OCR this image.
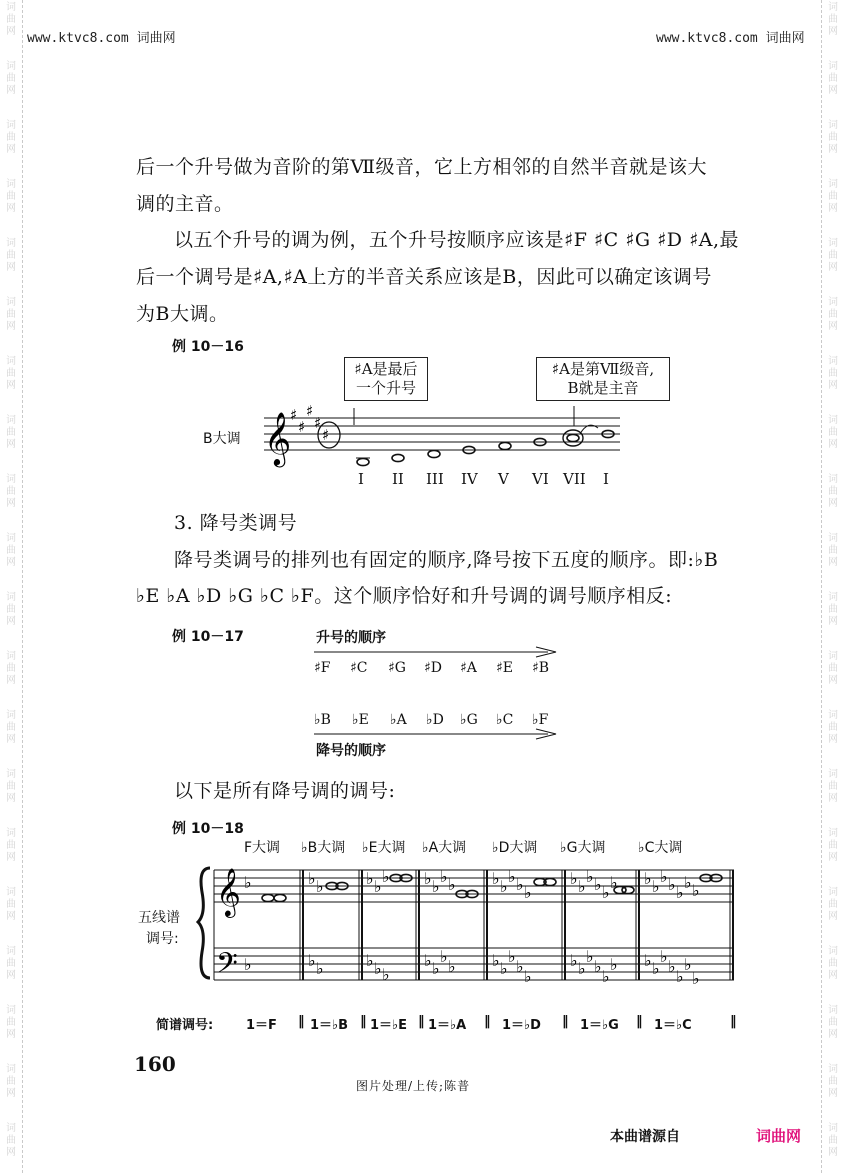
词
曲
网
词
曲
网
词
曲
网
词
曲
网
词
曲
网
词
曲
网
词
曲
网
词
曲
网
词
曲
网
词
曲
网
词
曲
网
词
曲
网
词
曲
网
词
曲
网
词
曲
网
词
曲
网
词
曲
网
词
曲
网
词
曲
网
词
曲
网
词
曲
网
词
曲
网
词
曲
网
词
曲
网
词
曲
网
词
曲
网
词
曲
网
词
曲
网
词
曲
网
词
曲
网
词
曲
网
词
曲
网
词
曲
网
词
曲
网
词
曲
网
词
曲
网
词
曲
网
词
曲
网
词
曲
网
词
曲
网
www.ktvc8.com 词曲网	www.ktvc8.com 词曲网
后一个升号做为音阶的第Ⅶ级音，它上方相邻的自然半音就是该大
调的主音。
以五个升号的调为例，五个升号按顺序应该是♯F ♯C ♯G ♯D ♯A,最
后一个调号是♯A,♯A上方的半音关系应该是B，因此可以确定该调号
为B大调。
例 10－16
♯A是最后
一个升号
♯A是第Ⅶ级音,
B就是主音
B大调 𝄞
♯
♯
♯
♯
♯
I II III IV V VI VII I
3. 降号类调号
降号类调号的排列也有固定的顺序,降号按下五度的顺序。即:♭B
♭E ♭A ♭D ♭G ♭C ♭F。这个顺序恰好和升号调的调号顺序相反:
例 10－17	升号的顺序
♯F ♯C ♯G ♯D ♯A ♯E ♯B
♭B ♭E ♭A ♭D ♭G ♭C ♭F
降号的顺序
以下是所有降号调的调号:
例 10－18
F大调 ♭B大调 ♭E大调 ♭A大调 ♭D大调 ♭G大调 ♭C大调
五线谱
调号:
𝄞
𝄢
♭	♭ ♭	♭ ♭
♭ ♭ ♭
♭ ♭ ♭ ♭
♭ ♭ ♭
♭ ♭
♭ ♭ ♭
♭ ♭ ♭
♭ ♭ ♭
♭ ♭
♭	♭ ♭	♭ ♭ ♭
♭ ♭
♭
♭ ♭ ♭
♭
♭
♭
♭ ♭
♭
♭
♭
♭ ♭ ♭
♭
♭
♭
♭
♭
简谱调号:	1＝F ‖ 1＝♭B ‖ 1＝♭E ‖ 1＝♭A ‖ 1＝♭D ‖ 1＝♭G ‖ 1＝♭C	‖
160
图片处理/上传;陈普
本曲谱源自	词曲网
